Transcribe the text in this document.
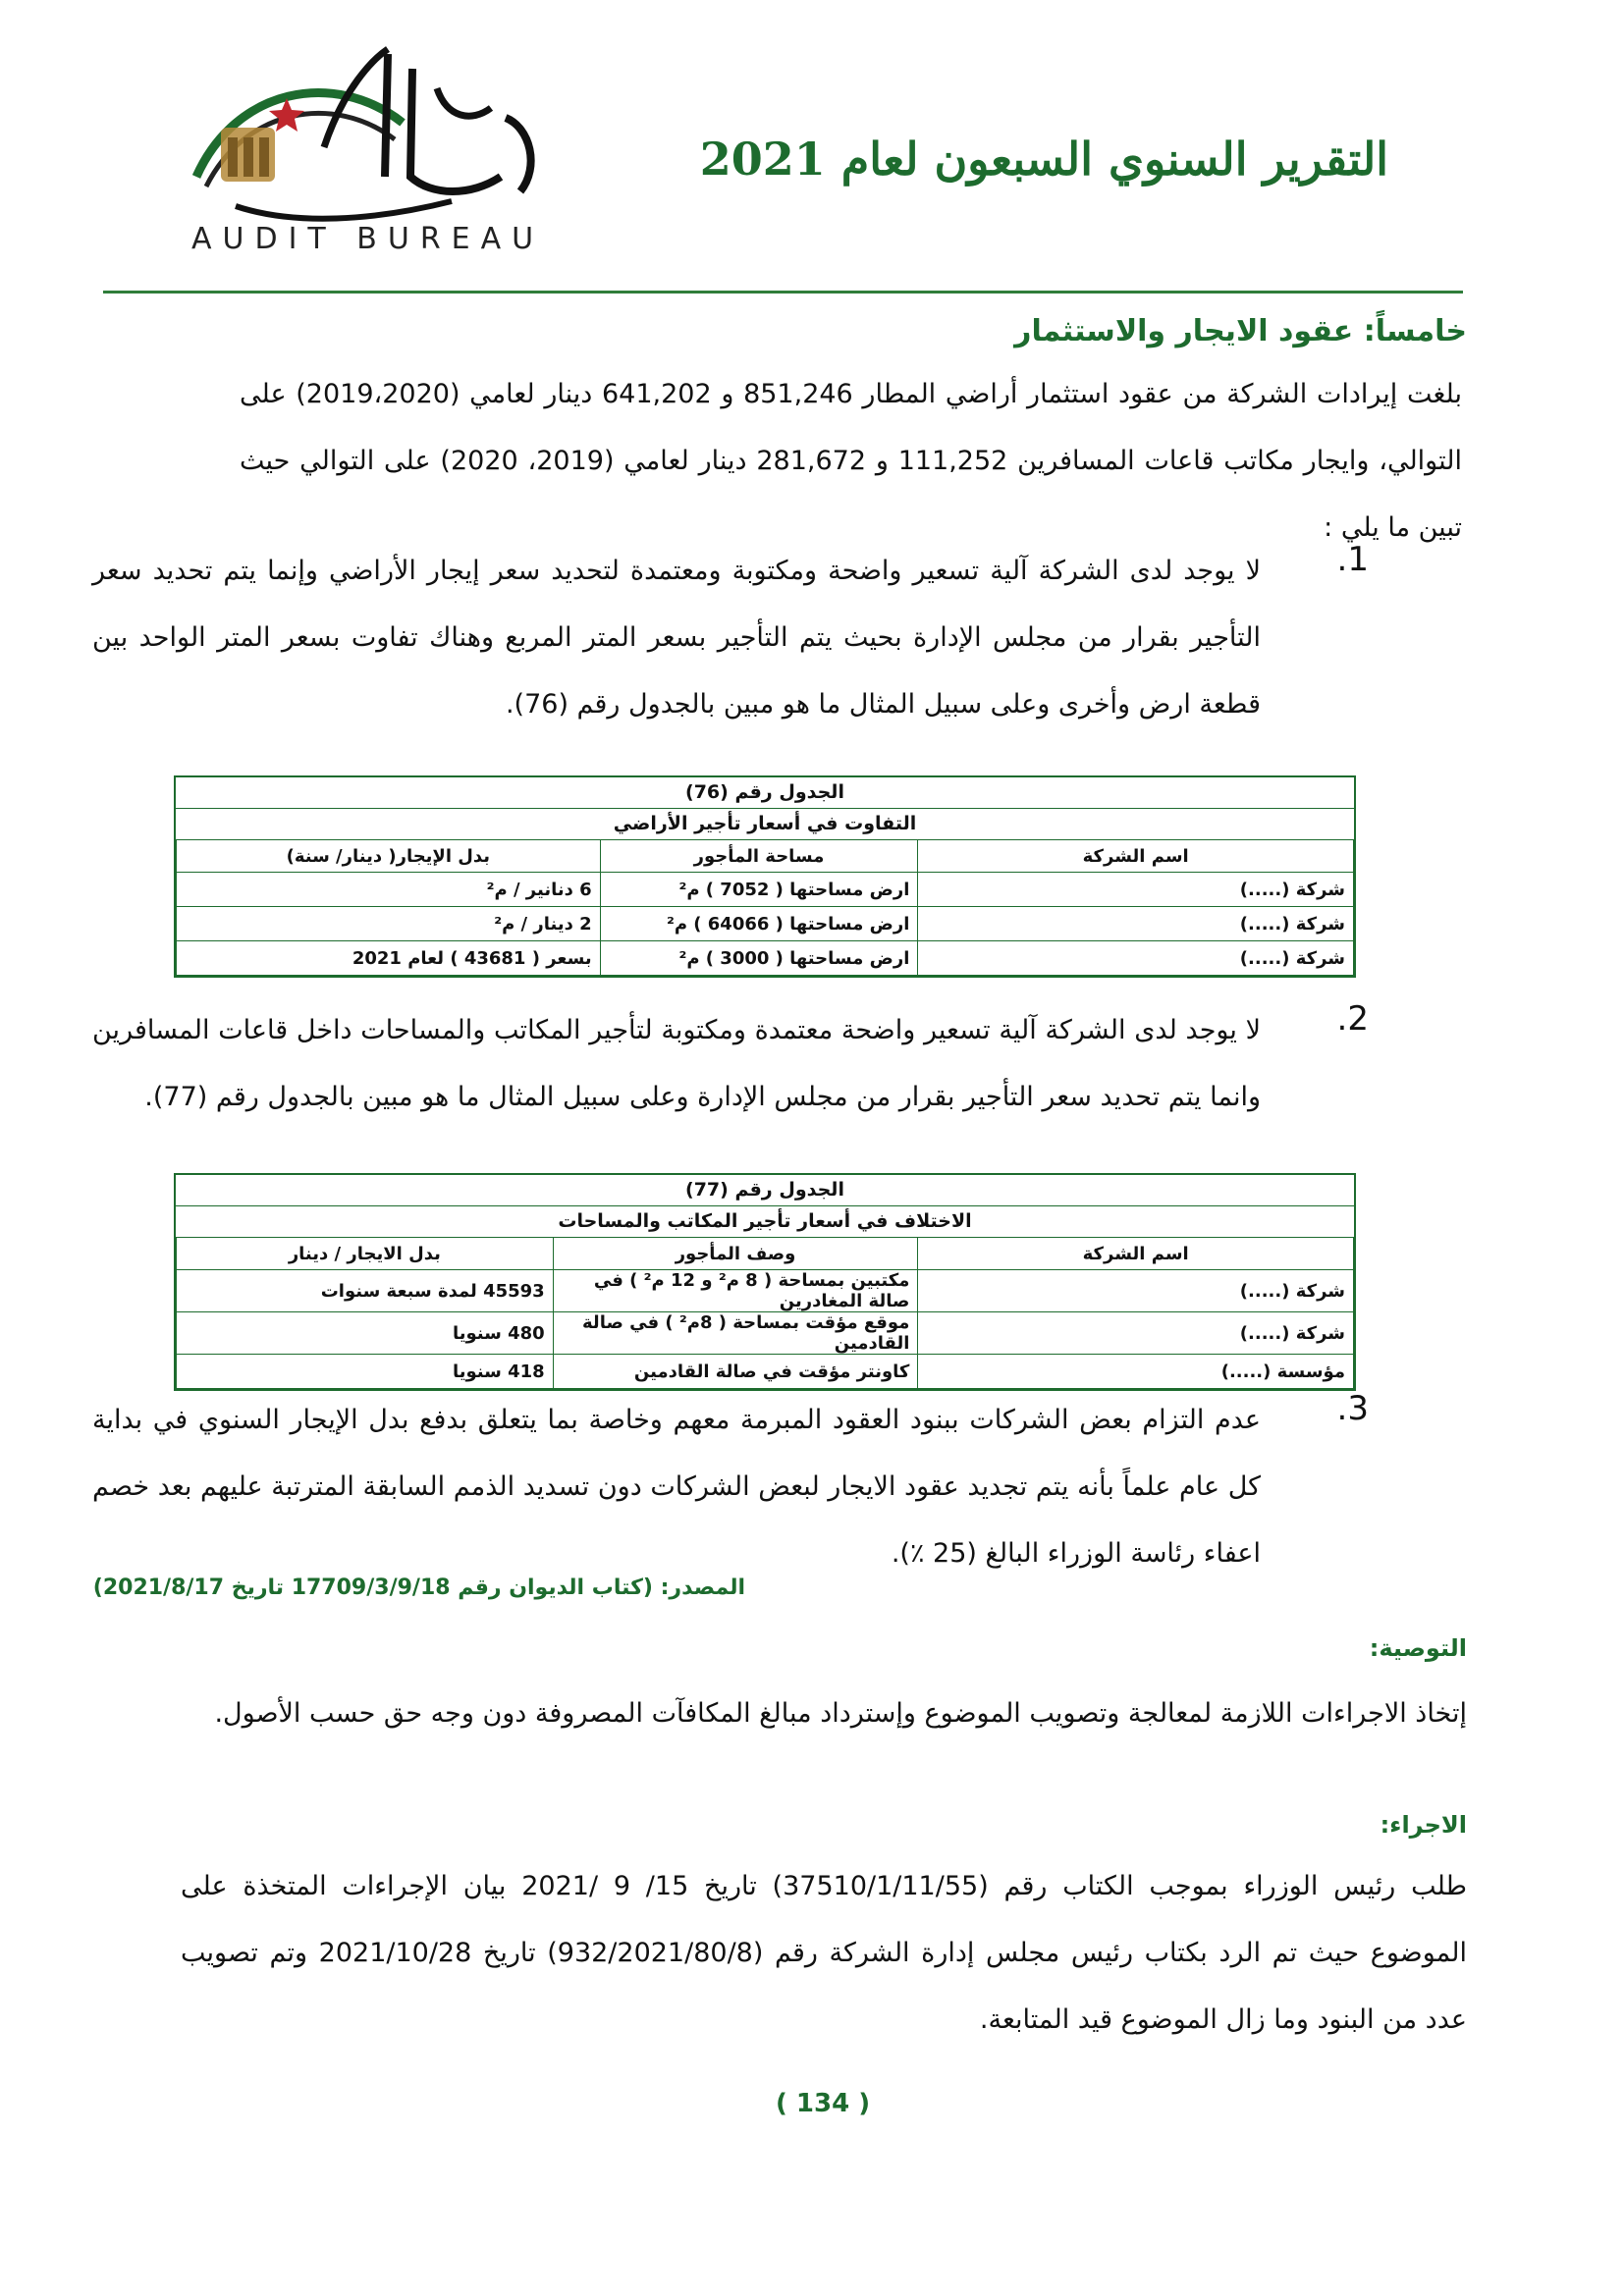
التقرير السنوي السبعون لعام 2021
ديوان المحاسبة
AUDIT BUREAU
خامساً: عقود الايجار والاستثمار
بلغت إيرادات الشركة من عقود استثمار أراضي المطار 851,246 و 641,202 دينار لعامي (2019،2020) على التوالي، وايجار مكاتب قاعات المسافرين 111,252 و 281,672 دينار لعامي (2019، 2020) على التوالي حيث تبين ما يلي :
1.
لا يوجد لدى الشركة آلية تسعير واضحة ومكتوبة ومعتمدة لتحديد سعر إيجار الأراضي وإنما يتم تحديد سعر التأجير بقرار من مجلس الإدارة بحيث يتم التأجير بسعر المتر المربع وهناك تفاوت بسعر المتر الواحد بين قطعة ارض وأخرى وعلى سبيل المثال ما هو مبين بالجدول رقم (76).
الجدول رقم (76)
التفاوت في أسعار تأجير الأراضي
اسم الشركة	مساحة المأجور	بدل الإيجار( دينار/ سنة)
شركة (.....)	ارض مساحتها ( 7052 ) م²	6 دنانير / م²
شركة (.....)	ارض مساحتها ( 64066 ) م²	2 دينار / م²
شركة (.....)	ارض مساحتها ( 3000 ) م²	بسعر ( 43681 ) لعام 2021
2.
لا يوجد لدى الشركة آلية تسعير واضحة معتمدة ومكتوبة لتأجير المكاتب والمساحات داخل قاعات المسافرين وانما يتم تحديد سعر التأجير بقرار من مجلس الإدارة وعلى سبيل المثال ما هو مبين بالجدول رقم (77).
الجدول رقم (77)
الاختلاف في أسعار تأجير المكاتب والمساحات
اسم الشركة	وصف المأجور	بدل الايجار / دينار
شركة (.....)	مكتبين بمساحة ( 8 م² و 12 م² ) في صالة المغادرين	45593 لمدة سبعة سنوات
شركة (.....)	موقع مؤقت بمساحة ( 8م² ) في صالة القادمين	480 سنويا
مؤسسة (.....)	كاونتر مؤقت في صالة القادمين	418 سنويا
3.
عدم التزام بعض الشركات ببنود العقود المبرمة معهم وخاصة بما يتعلق بدفع بدل الإيجار السنوي في بداية كل عام علماً بأنه يتم تجديد عقود الايجار لبعض الشركات دون تسديد الذمم السابقة المترتبة عليهم بعد خصم اعفاء رئاسة الوزراء البالغ (25 ٪).
المصدر: (كتاب الديوان رقم 17709/3/9/18 تاريخ 2021/8/17)
التوصية:
إتخاذ الاجراءات اللازمة لمعالجة وتصويب الموضوع وإسترداد مبالغ المكافآت المصروفة دون وجه حق حسب الأصول.
الاجراء:
طلب رئيس الوزراء بموجب الكتاب رقم (37510/1/11/55) تاريخ 15/ 9 /2021 بيان الإجراءات المتخذة على الموضوع حيث تم الرد بكتاب رئيس مجلس إدارة الشركة رقم (932/2021/80/8) تاريخ 2021/10/28 وتم تصويب عدد من البنود وما زال الموضوع قيد المتابعة.
( 134 )
